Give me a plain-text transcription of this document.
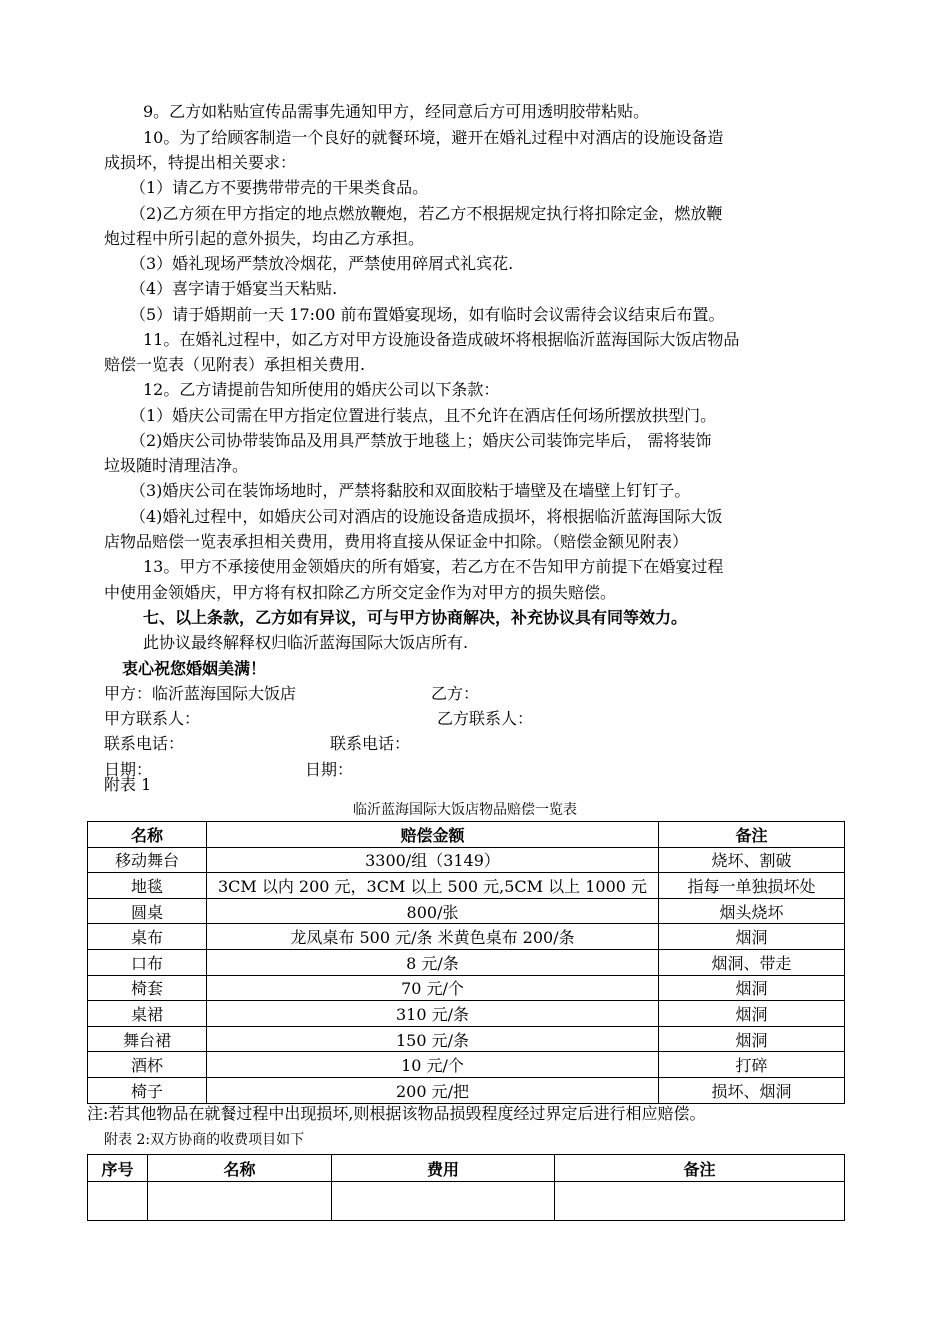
9。乙方如粘贴宣传品需事先通知甲方，经同意后方可用透明胶带粘贴。
10。为了给顾客制造一个良好的就餐环境，避开在婚礼过程中对酒店的设施设备造
成损坏，特提出相关要求：
（1）请乙方不要携带带壳的干果类食品。
（2)乙方须在甲方指定的地点燃放鞭炮，若乙方不根据规定执行将扣除定金，燃放鞭
炮过程中所引起的意外损失，均由乙方承担。
（3）婚礼现场严禁放冷烟花，严禁使用碎屑式礼宾花.
（4）喜字请于婚宴当天粘贴.
（5）请于婚期前一天 17:00 前布置婚宴现场，如有临时会议需待会议结束后布置。
11。在婚礼过程中，如乙方对甲方设施设备造成破坏将根据临沂蓝海国际大饭店物品
赔偿一览表（见附表）承担相关费用.
12。乙方请提前告知所使用的婚庆公司以下条款：
（1）婚庆公司需在甲方指定位置进行装点，且不允许在酒店任何场所摆放拱型门。
（2)婚庆公司协带装饰品及用具严禁放于地毯上；婚庆公司装饰完毕后， 需将装饰
垃圾随时清理洁净。
（3)婚庆公司在装饰场地时，严禁将黏胶和双面胶粘于墙壁及在墙壁上钉钉子。
（4)婚礼过程中，如婚庆公司对酒店的设施设备造成损坏，将根据临沂蓝海国际大饭
店物品赔偿一览表承担相关费用，费用将直接从保证金中扣除。（赔偿金额见附表）
13。甲方不承接使用金领婚庆的所有婚宴，若乙方在不告知甲方前提下在婚宴过程
中使用金领婚庆，甲方将有权扣除乙方所交定金作为对甲方的损失赔偿。
七、以上条款，乙方如有异议，可与甲方协商解决，补充协议具有同等效力。
此协议最终解释权归临沂蓝海国际大饭店所有.
衷心祝您婚姻美满！
甲方：临沂蓝海国际大饭店	乙方：
甲方联系人：	乙方联系人：
联系电话：	联系电话：
日期：	日期：
附表 1
临沂蓝海国际大饭店物品赔偿一览表
名称	赔偿金额	备注
移动舞台	3300/组（3149）	烧坏、割破
地毯	3CM 以内 200 元，3CM 以上 500 元,5CM 以上 1000 元	指每一单独损坏处
圆桌	800/张	烟头烧坏
桌布	龙凤桌布 500 元/条 米黄色桌布 200/条	烟洞
口布	8 元/条	烟洞、带走
椅套	70 元/个	烟洞
桌裙	310 元/条	烟洞
舞台裙	150 元/条	烟洞
酒杯	10 元/个	打碎
椅子	200 元/把	损坏、烟洞
注:若其他物品在就餐过程中出现损坏,则根据该物品损毁程度经过界定后进行相应赔偿。
附表 2:双方协商的收费项目如下
序号	名称	费用	备注
